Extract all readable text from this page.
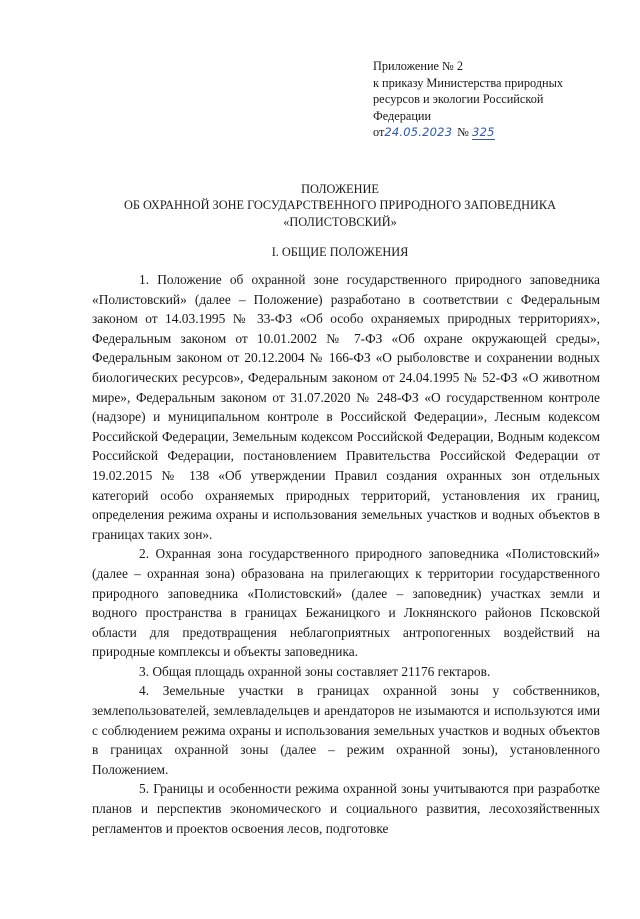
Приложение № 2
к приказу Министерства природных
ресурсов и экологии Российской
Федерации
от24.05.2023 № 325
ПОЛОЖЕНИЕ
ОБ ОХРАННОЙ ЗОНЕ ГОСУДАРСТВЕННОГО ПРИРОДНОГО ЗАПОВЕДНИКА
«ПОЛИСТОВСКИЙ»
I. ОБЩИЕ ПОЛОЖЕНИЯ

1. Положение об охранной зоне государственного природного заповедника «Полистовский» (далее – Положение) разработано в соответствии с Федеральным законом от 14.03.1995 № 33-ФЗ «Об особо охраняемых природных территориях», Федеральным законом от 10.01.2002 № 7-ФЗ «Об охране окружающей среды», Федеральным законом от 20.12.2004 № 166-ФЗ «О рыболовстве и сохранении водных биологических ресурсов», Федеральным законом от 24.04.1995 № 52-ФЗ «О животном мире», Федеральным законом от 31.07.2020 № 248-ФЗ «О государственном контроле (надзоре) и муниципальном контроле в Российской Федерации», Лесным кодексом Российской Федерации, Земельным кодексом Российской Федерации, Водным кодексом Российской Федерации, постановлением Правительства Российской Федерации от 19.02.2015 № 138 «Об утверждении Правил создания охранных зон отдельных категорий особо охраняемых природных территорий, установления их границ, определения режима охраны и использования земельных участков и водных объектов в границах таких зон».

2. Охранная зона государственного природного заповедника «Полистовский» (далее – охранная зона) образована на прилегающих к территории государственного природного заповедника «Полистовский» (далее – заповедник) участках земли и водного пространства в границах Бежаницкого и Локнянского районов Псковской области для предотвращения неблагоприятных антропогенных воздействий на природные комплексы и объекты заповедника.

3. Общая площадь охранной зоны составляет 21176 гектаров.

4. Земельные участки в границах охранной зоны у собственников, землепользователей, землевладельцев и арендаторов не изымаются и используются ими с соблюдением режима охраны и использования земельных участков и водных объектов в границах охранной зоны (далее – режим охранной зоны), установленного Положением.

5. Границы и особенности режима охранной зоны учитываются при разработке планов и перспектив экономического и социального развития, лесохозяйственных регламентов и проектов освоения лесов, подготовке
